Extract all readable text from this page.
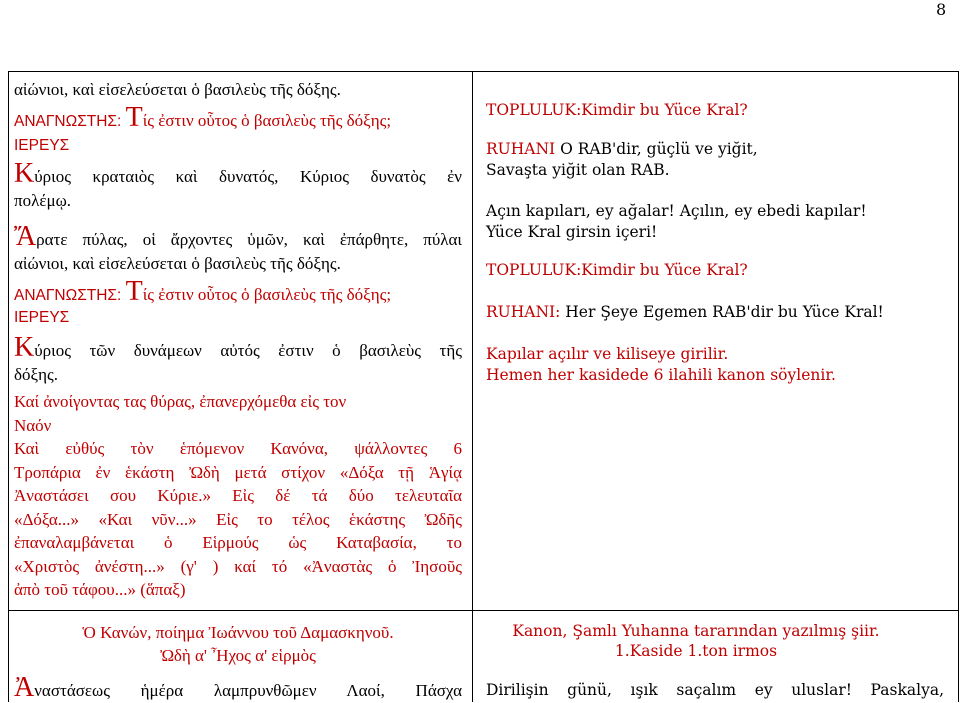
8
αἰώνιοι, καὶ εἰσελεύσεται ὁ βασιλεὺς τῆς δόξης.
ΑΝΑΓΝΩΣΤΗΣ: Τίς ἐστιν οὗτος ὁ βασιλεὺς τῆς δόξης;
ΙΕΡΕΥΣ
Κύριος κραταιὸς καὶ δυνατός, Κύριος δυνατὸς ἐν
πολέμῳ.
Ἄρατε πύλας, οἱ ἄρχοντες ὑμῶν, καὶ ἐπάρθητε, πύλαι
αἰώνιοι, καὶ εἰσελεύσεται ὁ βασιλεὺς τῆς δόξης.
ΑΝΑΓΝΩΣΤΗΣ: Τίς ἐστιν οὗτος ὁ βασιλεὺς τῆς δόξης;
ΙΕΡΕΥΣ
Κύριος τῶν δυνάμεων αὐτός ἐστιν ὁ βασιλεὺς τῆς
δόξης.
Καί ἀνοίγοντας τας θύρας, ἐπανερχόμεθα εἰς τον
Ναόν
Καὶ εὐθύς τὸν ἑπόμενον Κανόνα, ψάλλοντες 6
Τροπάρια ἐν ἑκάστη Ὠδὴ μετά στίχον «Δόξα τῇ Ἁγίᾳ
Ἀναστάσει σου Κύριε.» Εἰς δέ τά δύο τελευταῖα
«Δόξα...» «Και νῦν...» Εἰς το τέλος ἑκάστης Ὠδῆς
ἐπαναλαμβάνεται ὁ Εἱρμούς ὡς Καταβασία, το
«Χριστὸς ἀνέστη...» (γ' ) καί τό «Ἀναστὰς ὁ Ἰησοῦς
ἀπὸ τοῦ τάφου...» (ἅπαξ)
Ὁ Κανών, ποίημα Ἰωάννου τοῦ Δαμασκηνοῦ.
Ὠδὴ α' Ἦχος α' εἱρμὸς
Ἀναστάσεως ἡμέρα λαμπρυνθῶμεν Λαοί, Πάσχα
TOPLULUK:Kimdir bu Yüce Kral?
RUHANI O RAB'dir, güçlü ve yiğit,
Savaşta yiğit olan RAB.
Açın kapıları, ey ağalar! Açılın, ey ebedi kapılar!
Yüce Kral girsin içeri!
TOPLULUK:Kimdir bu Yüce Kral?
RUHANI: Her Şeye Egemen RAB'dir bu Yüce Kral!
Kapılar açılır ve kiliseye girilir.
Hemen her kasidede 6 ilahili kanon söylenir.
Kanon, Şamlı Yuhanna tararından yazılmış şiir.
1.Kaside 1.ton irmos
Dirilişin günü, ışık saçalım ey uluslar! Paskalya,
